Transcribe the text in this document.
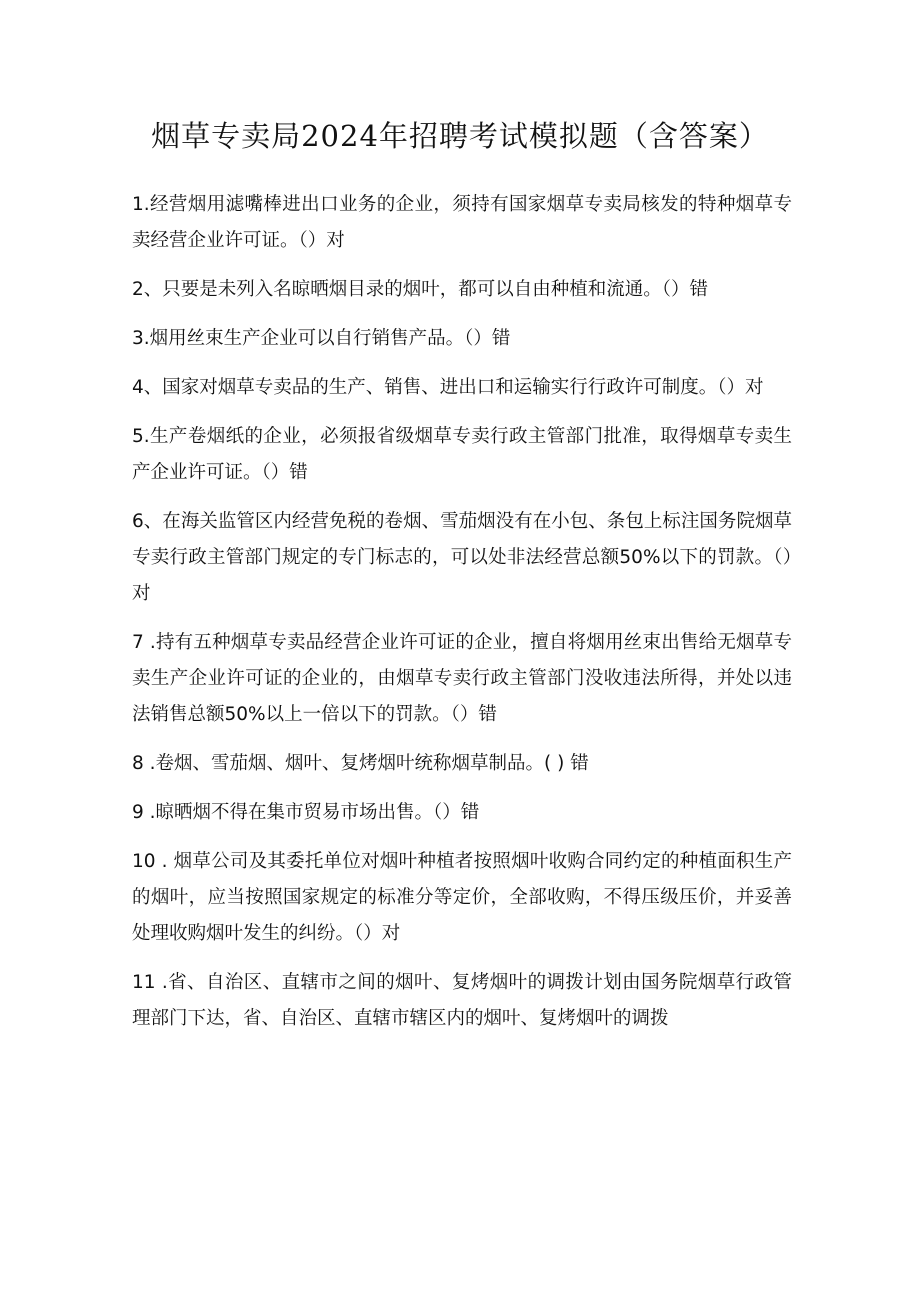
烟草专卖局2024年招聘考试模拟题（含答案）

1.经营烟用滤嘴棒进出口业务的企业，须持有国家烟草专卖局核发的特种烟草专卖经营企业许可证。（）对

2、只要是未列入名晾晒烟目录的烟叶，都可以自由种植和流通。（）错

3.烟用丝束生产企业可以自行销售产品。（）错

4、国家对烟草专卖品的生产、销售、进出口和运输实行行政许可制度。（）对

5.生产卷烟纸的企业，必须报省级烟草专卖行政主管部门批准，取得烟草专卖生产企业许可证。（）错

6、在海关监管区内经营免税的卷烟、雪茄烟没有在小包、条包上标注国务院烟草专卖行政主管部门规定的专门标志的，可以处非法经营总额50%以下的罚款。（）对

7 .持有五种烟草专卖品经营企业许可证的企业，擅自将烟用丝束出售给无烟草专卖生产企业许可证的企业的，由烟草专卖行政主管部门没收违法所得，并处以违法销售总额50%以上一倍以下的罚款。（）错

8 .卷烟、雪茄烟、烟叶、复烤烟叶统称烟草制品。( ) 错

9 .晾晒烟不得在集市贸易市场出售。（）错

10 . 烟草公司及其委托单位对烟叶种植者按照烟叶收购合同约定的种植面积生产的烟叶，应当按照国家规定的标准分等定价，全部收购，不得压级压价，并妥善处理收购烟叶发生的纠纷。（）对

11 .省、自治区、直辖市之间的烟叶、复烤烟叶的调拨计划由国务院烟草行政管理部门下达，省、自治区、直辖市辖区内的烟叶、复烤烟叶的调拨
